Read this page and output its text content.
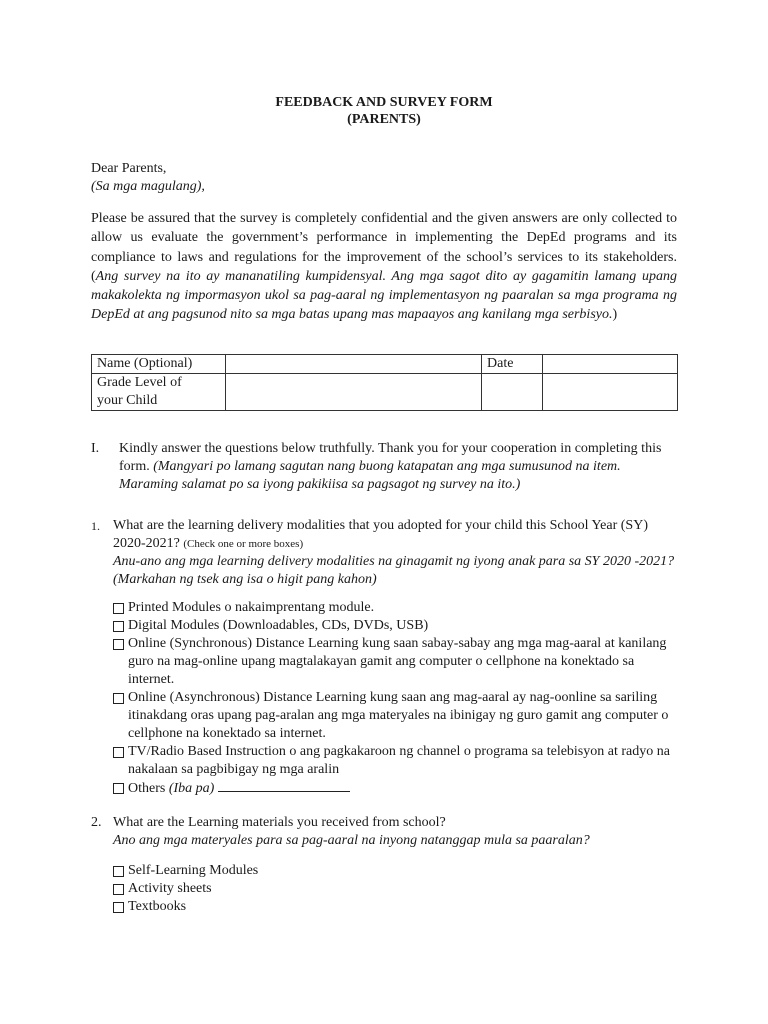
FEEDBACK AND SURVEY FORM
(PARENTS)
Dear Parents,
(Sa mga magulang),
Please be assured that the survey is completely confidential and the given answers are only collected to allow us evaluate the government’s performance in implementing the DepEd programs and its compliance to laws and regulations for the improvement of the school’s services to its stakeholders. (Ang survey na ito ay mananatiling kumpidensyal. Ang mga sagot dito ay gagamitin lamang upang makakolekta ng impormasyon ukol sa pag-aaral ng implementasyon ng paaralan sa mga programa ng DepEd at ang pagsunod nito sa mga batas upang mas mapaayos ang kanilang mga serbisyo.)
Name (Optional)		Date	
Grade Level of
your Child			
I. Kindly answer the questions below truthfully. Thank you for your cooperation in completing this form. (Mangyari po lamang sagutan nang buong katapatan ang mga sumusunod na item. Maraming salamat po sa iyong pakikiisa sa pagsagot ng survey na ito.)
1. What are the learning delivery modalities that you adopted for your child this School Year (SY) 2020-2021? (Check one or more boxes)
Anu-ano ang mga learning delivery modalities na ginagamit ng iyong anak para sa SY 2020 -2021? (Markahan ng tsek ang isa o higit pang kahon)
Printed Modules o nakaimprentang module.
Digital Modules (Downloadables, CDs, DVDs, USB)
Online (Synchronous) Distance Learning kung saan sabay-sabay ang mga mag-aaral at kanilang guro na mag-online upang magtalakayan gamit ang computer o cellphone na konektado sa internet.
Online (Asynchronous) Distance Learning kung saan ang mag-aaral ay nag-oonline sa sariling itinakdang oras upang pag-aralan ang mga materyales na ibinigay ng guro gamit ang computer o cellphone na konektado sa internet.
TV/Radio Based Instruction o ang pagkakaroon ng channel o programa sa telebisyon at radyo na nakalaan sa pagbibigay ng mga aralin
Others (Iba pa)
2. What are the Learning materials you received from school?
Ano ang mga materyales para sa pag-aaral na inyong natanggap mula sa paaralan?
Self-Learning Modules
Activity sheets
Textbooks
